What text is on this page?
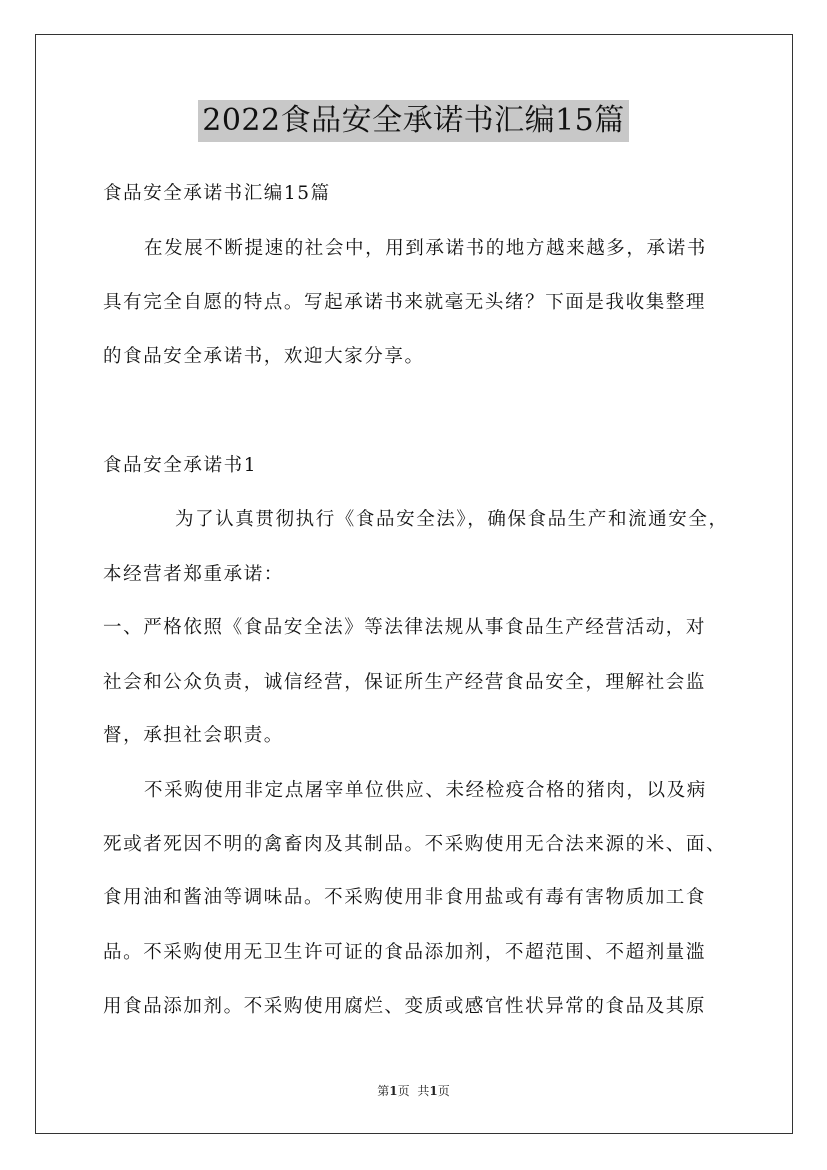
2022食品安全承诺书汇编15篇
食品安全承诺书汇编15篇
在发展不断提速的社会中，用到承诺书的地方越来越多，承诺书
具有完全自愿的特点。写起承诺书来就毫无头绪？下面是我收集整理
的食品安全承诺书，欢迎大家分享。
食品安全承诺书1
为了认真贯彻执行《食品安全法》，确保食品生产和流通安全，
本经营者郑重承诺：
一、严格依照《食品安全法》等法律法规从事食品生产经营活动，对
社会和公众负责，诚信经营，保证所生产经营食品安全，理解社会监
督，承担社会职责。
不采购使用非定点屠宰单位供应、未经检疫合格的猪肉，以及病
死或者死因不明的禽畜肉及其制品。不采购使用无合法来源的米、面、
食用油和酱油等调味品。不采购使用非食用盐或有毒有害物质加工食
品。不采购使用无卫生许可证的食品添加剂，不超范围、不超剂量滥
用食品添加剂。不采购使用腐烂、变质或感官性状异常的食品及其原
第1页 共1页
